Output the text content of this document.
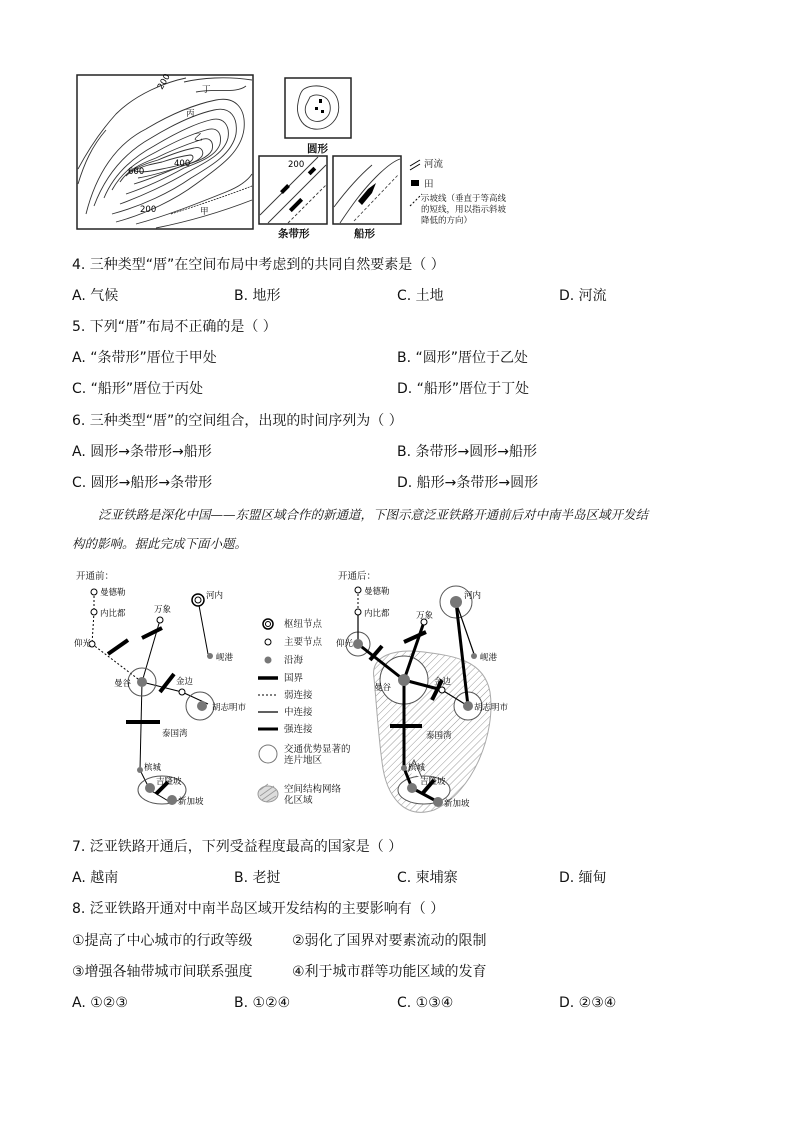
200
400
600
200
丙
丁
甲
乙
圆形
200
条带形	船形
河流
田
示坡线（垂直于等高线的短线，用以指示斜坡降低的方向）
4. 三种类型“厝”在空间布局中考虑到的共同自然要素是（ ）
A. 气候	B. 地形	C. 土地	D. 河流
5. 下列“厝”布局不正确的是（ ）
A. “条带形”厝位于甲处	B. “圆形”厝位于乙处
C. “船形”厝位于丙处	D. “船形”厝位于丁处
6. 三种类型“厝”的空间组合，出现的时间序列为（ ）
A. 圆形→条带形→船形	B. 条带形→圆形→船形
C. 圆形→船形→条带形	D. 船形→条带形→圆形

泛亚铁路是深化中国——东盟区域合作的新通道，下图示意泛亚铁路开通前后对中南半岛区域开发结

构的影响。据此完成下面小题。

开通前：
曼德勒
内比都	万象
河内
仰光
岘港
曼谷	金边
胡志明市
泰国湾
槟城
吉隆坡
新加坡
枢纽节点
主要节点
沿海
国界
弱连接
中连接
强连接
交通优势显著的连片地区
空间结构网络化区域
开通后：
曼德勒
内比都	万象
河内
仰光
岘港
曼谷
金边
胡志明市
泰国湾
槟城
吉隆坡
新加坡
7. 泛亚铁路开通后，下列受益程度最高的国家是（ ）
A. 越南	B. 老挝	C. 柬埔寨	D. 缅甸
8. 泛亚铁路开通对中南半岛区域开发结构的主要影响有（ ）
①提高了中心城市的行政等级	②弱化了国界对要素流动的限制
③增强各轴带城市间联系强度	④利于城市群等功能区域的发育
A. ①②③	B. ①②④	C. ①③④	D. ②③④
